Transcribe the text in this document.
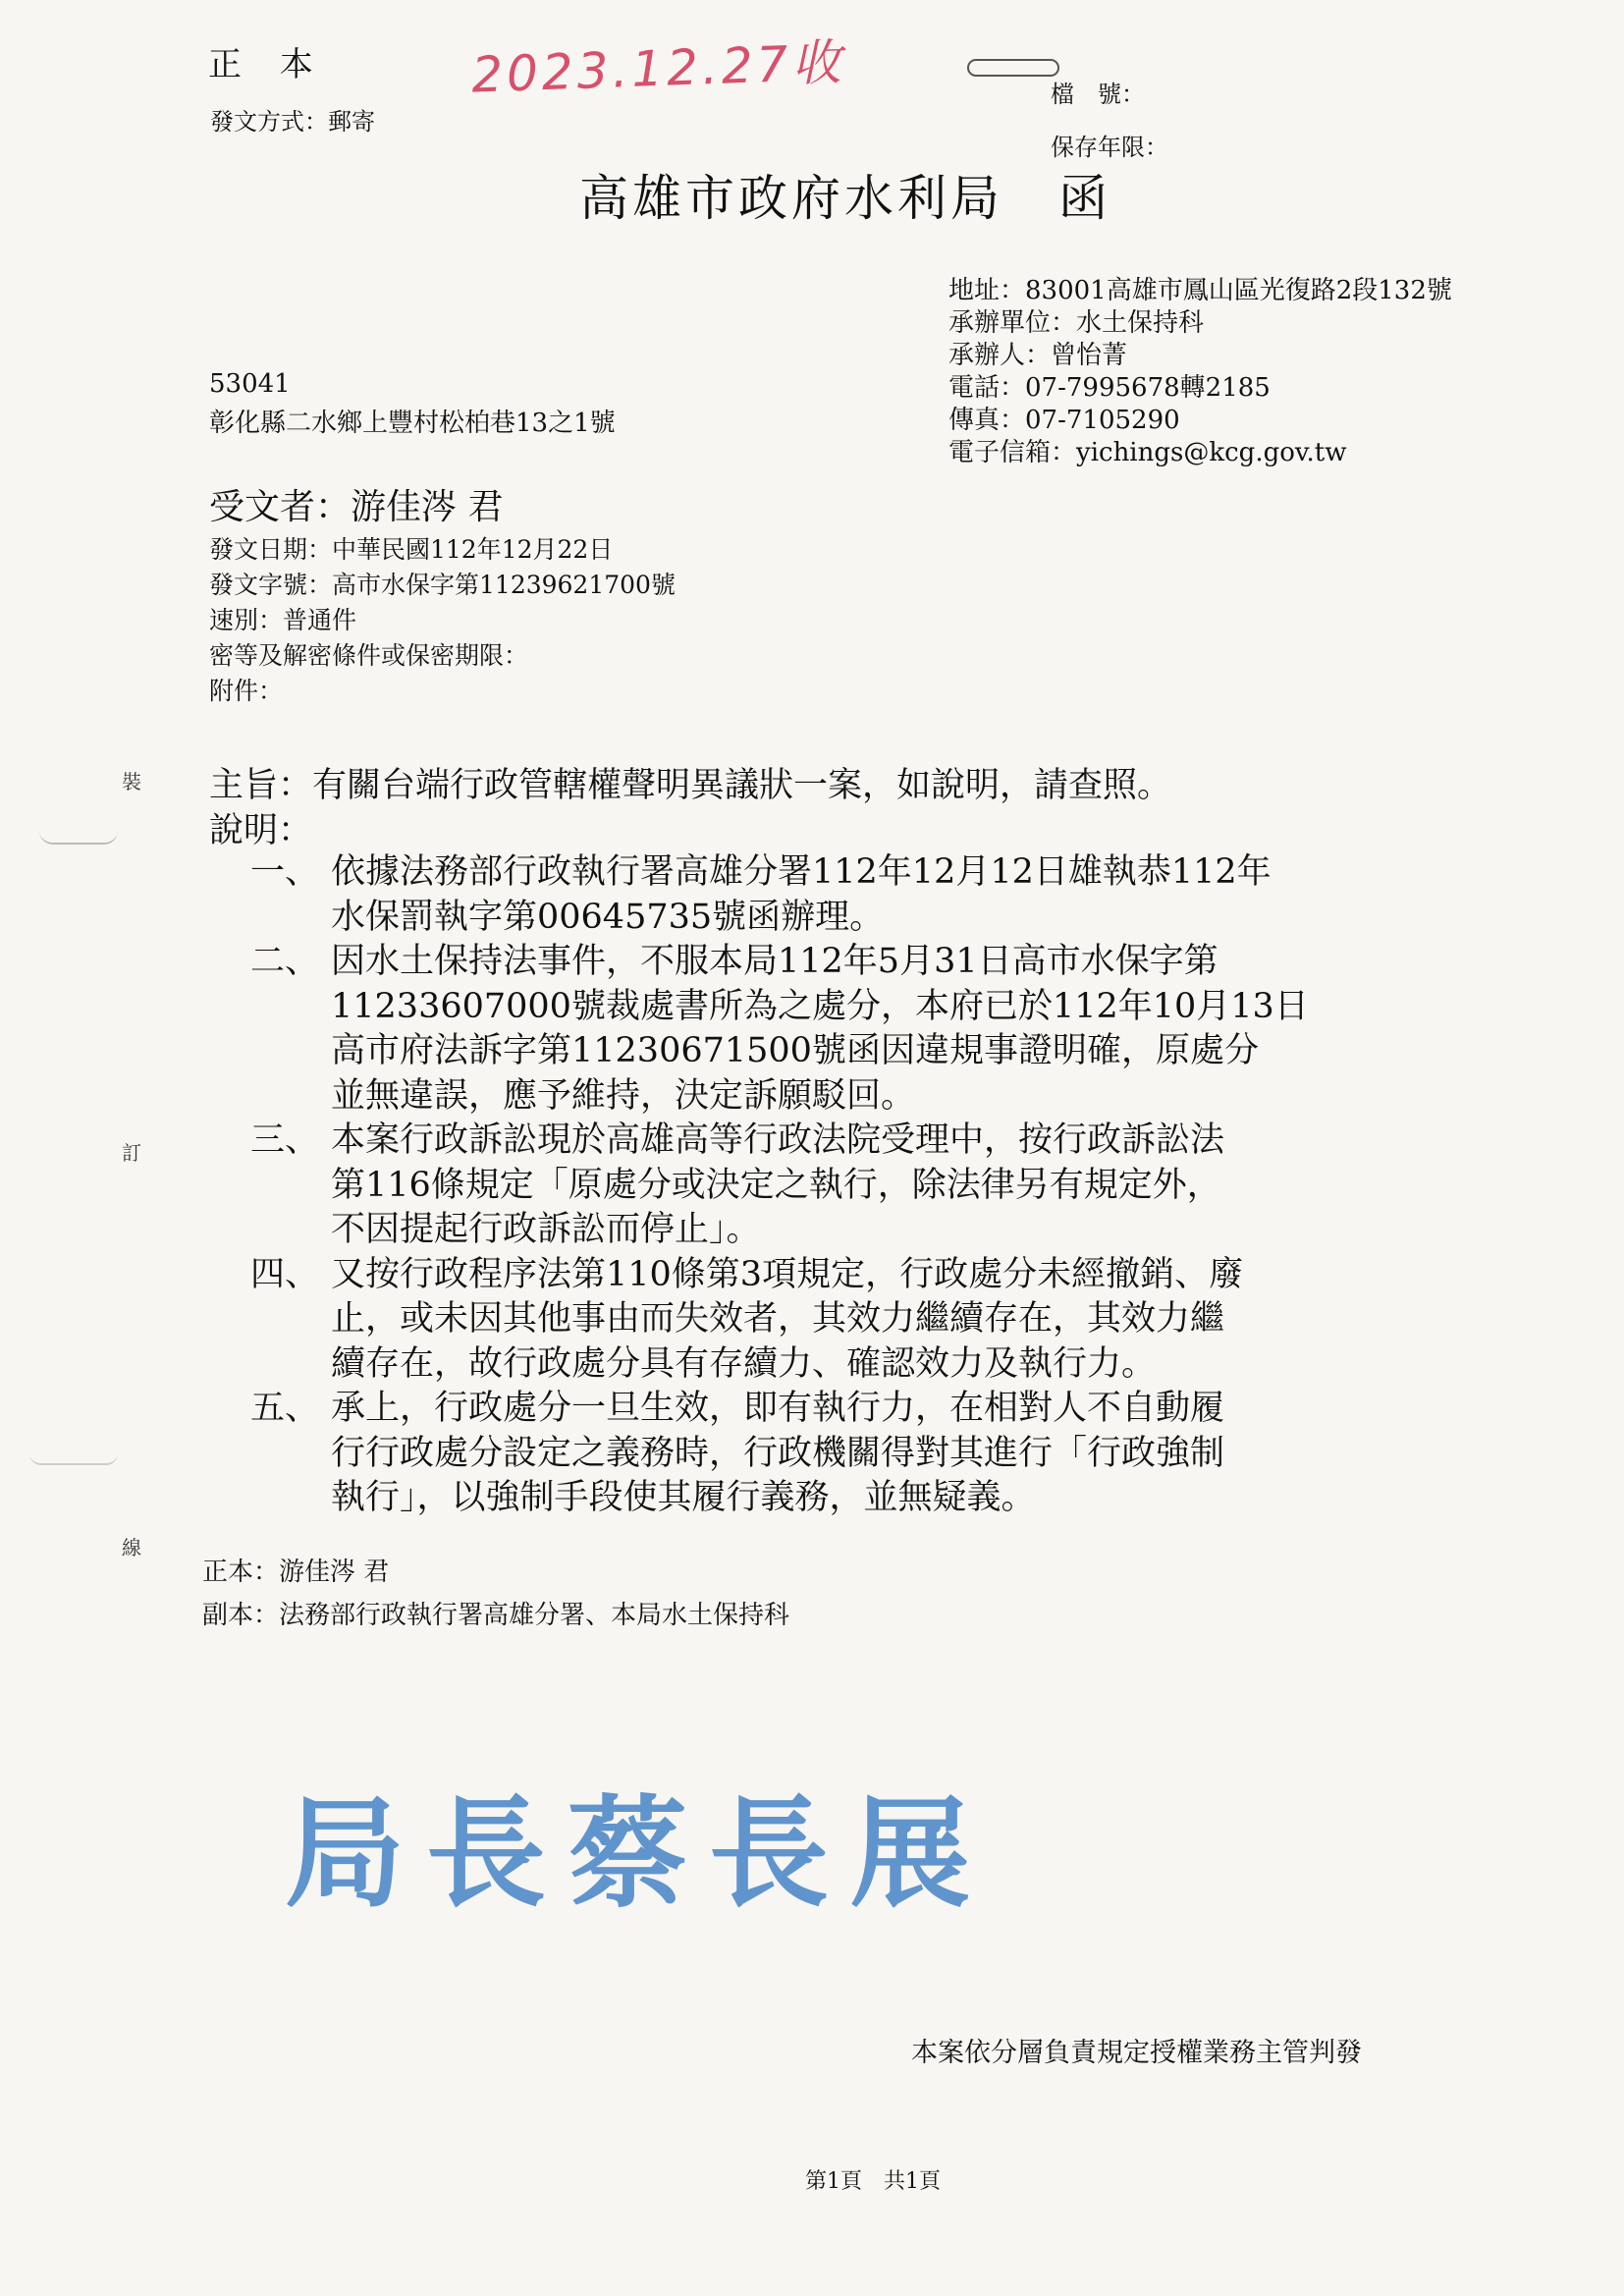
正 本	2023.12.27收
發文方式：郵寄
檔　號：
保存年限：
高雄市政府水利局 函
地址：83001高雄市鳳山區光復路2段132號
承辦單位：水土保持科
承辦人：曾怡菁
電話：07-7995678轉2185
傳真：07-7105290
電子信箱：yichings@kcg.gov.tw
53041
彰化縣二水鄉上豐村松柏巷13之1號
受文者：游佳涔 君
發文日期：中華民國112年12月22日
發文字號：高市水保字第11239621700號
速別：普通件
密等及解密條件或保密期限：
附件：
裝
訂
線
主旨：有關台端行政管轄權聲明異議狀一案，如說明，請查照。
說明：
一、 依據法務部行政執行署高雄分署112年12月12日雄執恭112年
水保罰執字第00645735號函辦理。
二、 因水土保持法事件，不服本局112年5月31日高市水保字第
11233607000號裁處書所為之處分，本府已於112年10月13日
高市府法訴字第11230671500號函因違規事證明確，原處分
並無違誤，應予維持，決定訴願駁回。
三、 本案行政訴訟現於高雄高等行政法院受理中，按行政訴訟法
第116條規定「原處分或決定之執行，除法律另有規定外，
不因提起行政訴訟而停止」。
四、 又按行政程序法第110條第3項規定，行政處分未經撤銷、廢
止，或未因其他事由而失效者，其效力繼續存在，其效力繼
續存在，故行政處分具有存續力、確認效力及執行力。
五、 承上，行政處分一旦生效，即有執行力，在相對人不自動履
行行政處分設定之義務時，行政機關得對其進行「行政強制
執行」，以強制手段使其履行義務，並無疑義。
正本：游佳涔 君
副本：法務部行政執行署高雄分署、本局水土保持科
局長蔡長展
本案依分層負責規定授權業務主管判發
第1頁　共1頁
